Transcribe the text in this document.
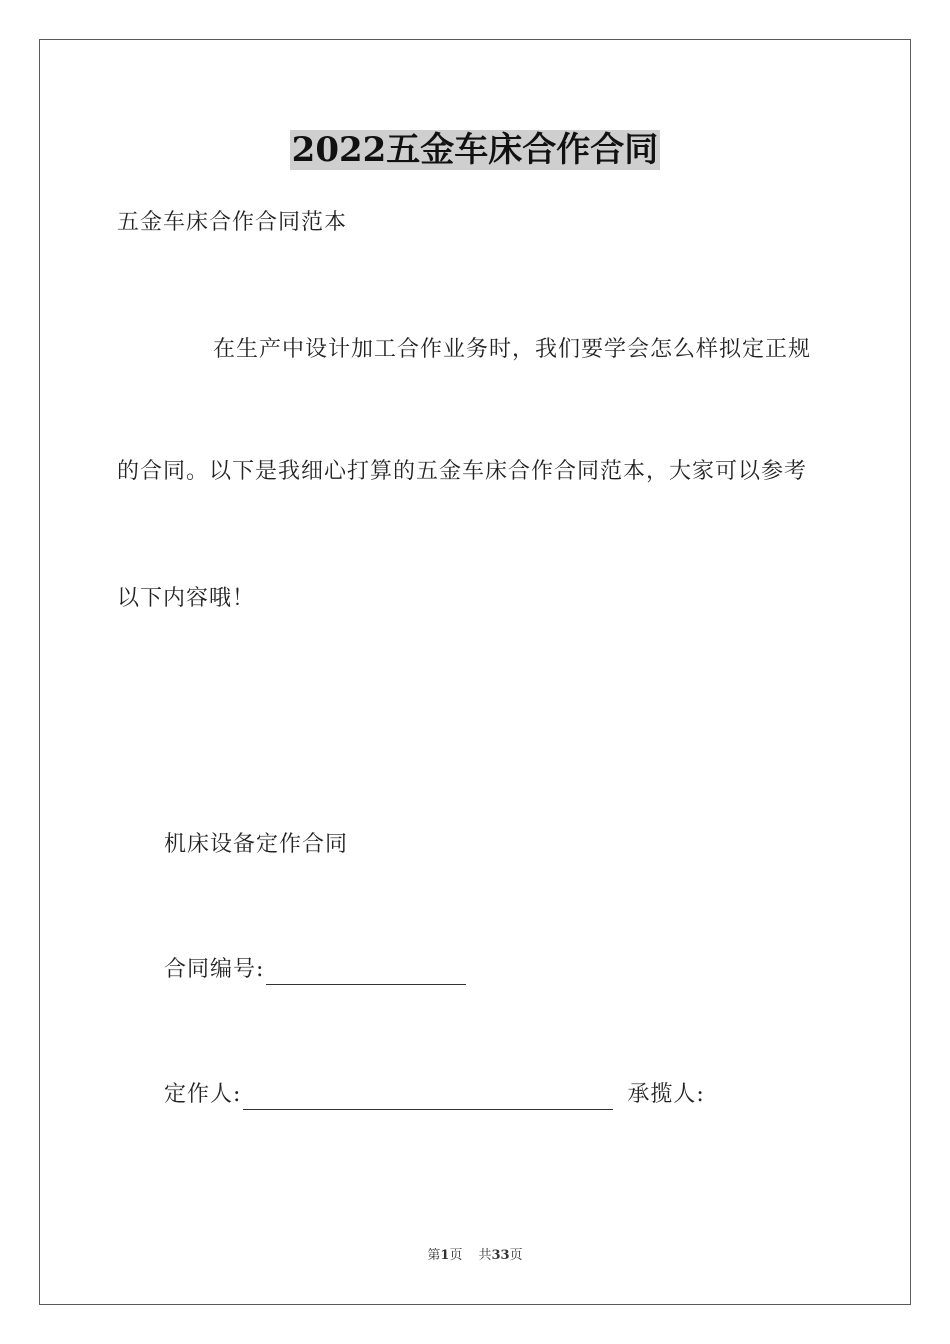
2022五金车床合作合同
五金车床合作合同范本
在生产中设计加工合作业务时，我们要学会怎么样拟定正规
的合同。以下是我细心打算的五金车床合作合同范本，大家可以参考
以下内容哦！
机床设备定作合同
合同编号:
定作人:	承揽人:
第1页 共33页
